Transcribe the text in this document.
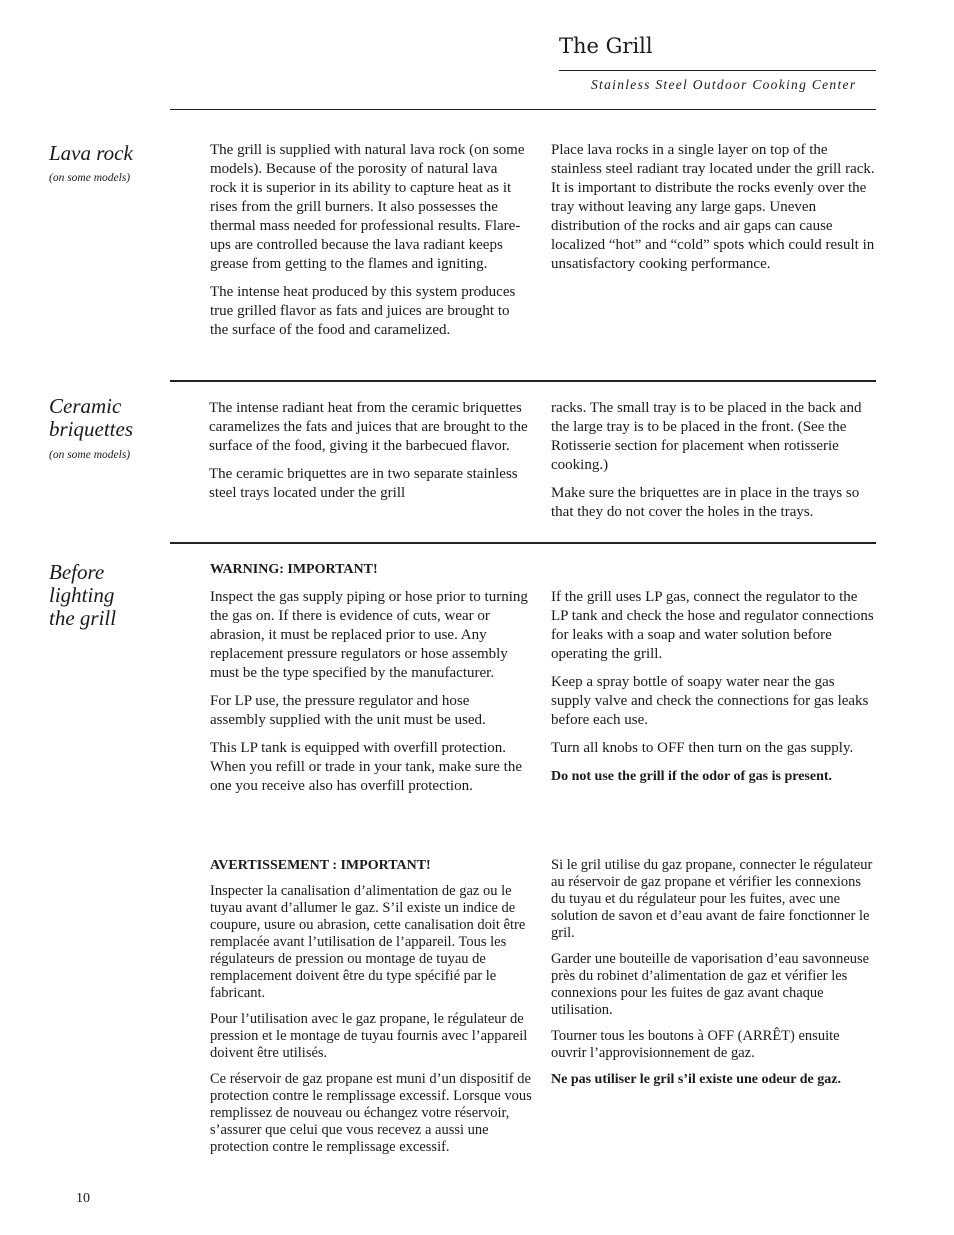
The Grill
Stainless Steel Outdoor Cooking Center
Lava rock
(on some models)

The grill is supplied with natural lava rock (on some models). Because of the porosity of natural lava rock it is superior in its ability to capture heat as it rises from the grill burners. It also possesses the thermal mass needed for professional results. Flare-ups are controlled because the lava radiant keeps grease from getting to the flames and igniting.

The intense heat produced by this system produces true grilled flavor as fats and juices are brought to the surface of the food and caramelized.

Place lava rocks in a single layer on top of the stainless steel radiant tray located under the grill rack. It is important to distribute the rocks evenly over the tray without leaving any large gaps. Uneven distribution of the rocks and air gaps can cause localized “hot” and “cold” spots which could result in unsatisfactory cooking performance.

Ceramic
briquettes
(on some models)

The intense radiant heat from the ceramic briquettes caramelizes the fats and juices that are brought to the surface of the food, giving it the barbecued flavor.

The ceramic briquettes are in two separate stainless steel trays located under the grill

racks. The small tray is to be placed in the back and the large tray is to be placed in the front. (See the Rotisserie section for placement when rotisserie cooking.)

Make sure the briquettes are in place in the trays so that they do not cover the holes in the trays.

Before
lighting
the grill

WARNING: IMPORTANT!

Inspect the gas supply piping or hose prior to turning the gas on. If there is evidence of cuts, wear or abrasion, it must be replaced prior to use. Any replacement pressure regulators or hose assembly must be the type specified by the manufacturer.

For LP use, the pressure regulator and hose assembly supplied with the unit must be used.

This LP tank is equipped with overfill protection. When you refill or trade in your tank, make sure the one you receive also has overfill protection.

If the grill uses LP gas, connect the regulator to the LP tank and check the hose and regulator connections for leaks with a soap and water solution before operating the grill.

Keep a spray bottle of soapy water near the gas supply valve and check the connections for gas leaks before each use.

Turn all knobs to OFF then turn on the gas supply.

Do not use the grill if the odor of gas is present.

AVERTISSEMENT : IMPORTANT!

Inspecter la canalisation d’alimentation de gaz ou le tuyau avant d’allumer le gaz. S’il existe un indice de coupure, usure ou abrasion, cette canalisation doit être remplacée avant l’utilisation de l’appareil. Tous les régulateurs de pression ou montage de tuyau de remplacement doivent être du type spécifié par le fabricant.

Pour l’utilisation avec le gaz propane, le régulateur de pression et le montage de tuyau fournis avec l’appareil doivent être utilisés.

Ce réservoir de gaz propane est muni d’un dispositif de protection contre le remplissage excessif. Lorsque vous remplissez de nouveau ou échangez votre réservoir, s’assurer que celui que vous recevez a aussi une protection contre le remplissage excessif.

Si le gril utilise du gaz propane, connecter le régulateur au réservoir de gaz propane et vérifier les connexions du tuyau et du régulateur pour les fuites, avec une solution de savon et d’eau avant de faire fonctionner le gril.

Garder une bouteille de vaporisation d’eau savonneuse près du robinet d’alimentation de gaz et vérifier les connexions pour les fuites de gaz avant chaque utilisation.

Tourner tous les boutons à OFF (ARRÊT) ensuite ouvrir l’approvisionnement de gaz.

Ne pas utiliser le gril s’il existe une odeur de gaz.

10
